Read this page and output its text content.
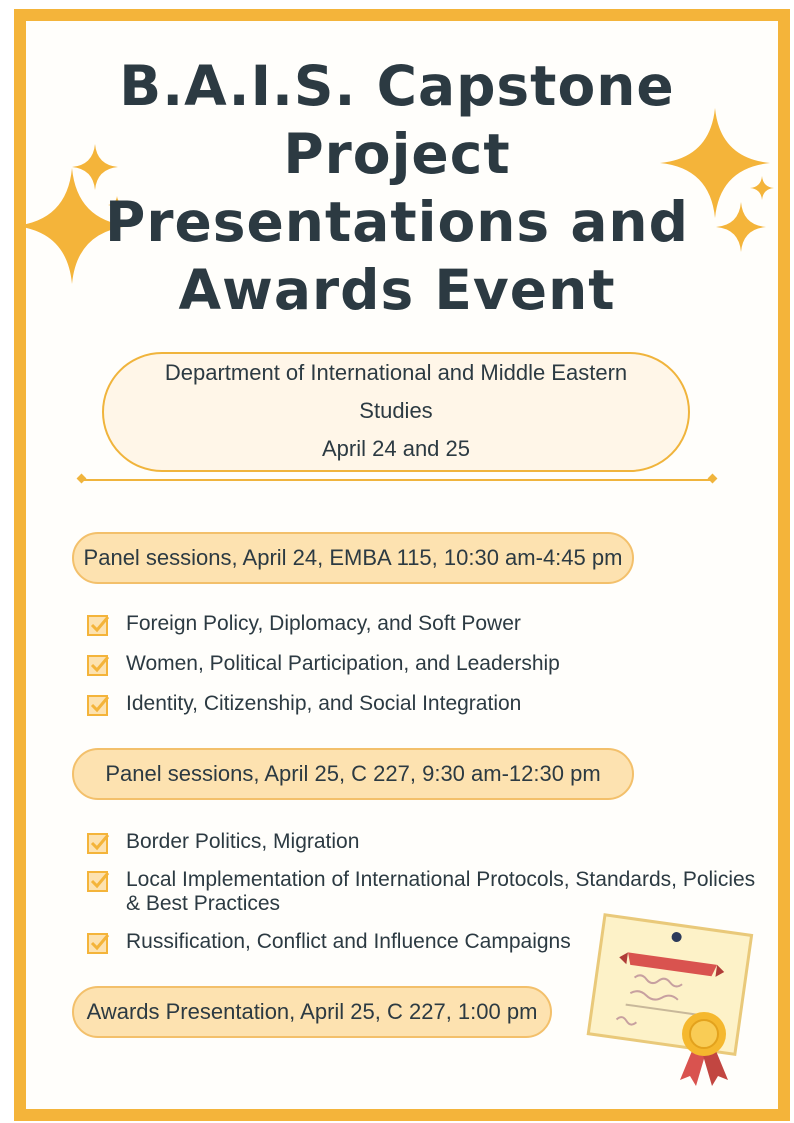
B.A.I.S. Capstone
Project
Presentations and
Awards Event
Department of International and Middle Eastern
Studies
April 24 and 25
Panel sessions, April 24, EMBA 115, 10:30 am-4:45 pm
Foreign Policy, Diplomacy, and Soft Power
Women, Political Participation, and Leadership
Identity, Citizenship, and Social Integration
Panel sessions, April 25, C 227, 9:30 am-12:30 pm
Border Politics, Migration
Local Implementation of International Protocols, Standards, Policies & Best Practices
Russification, Conflict and Influence Campaigns
Awards Presentation, April 25, C 227, 1:00 pm
